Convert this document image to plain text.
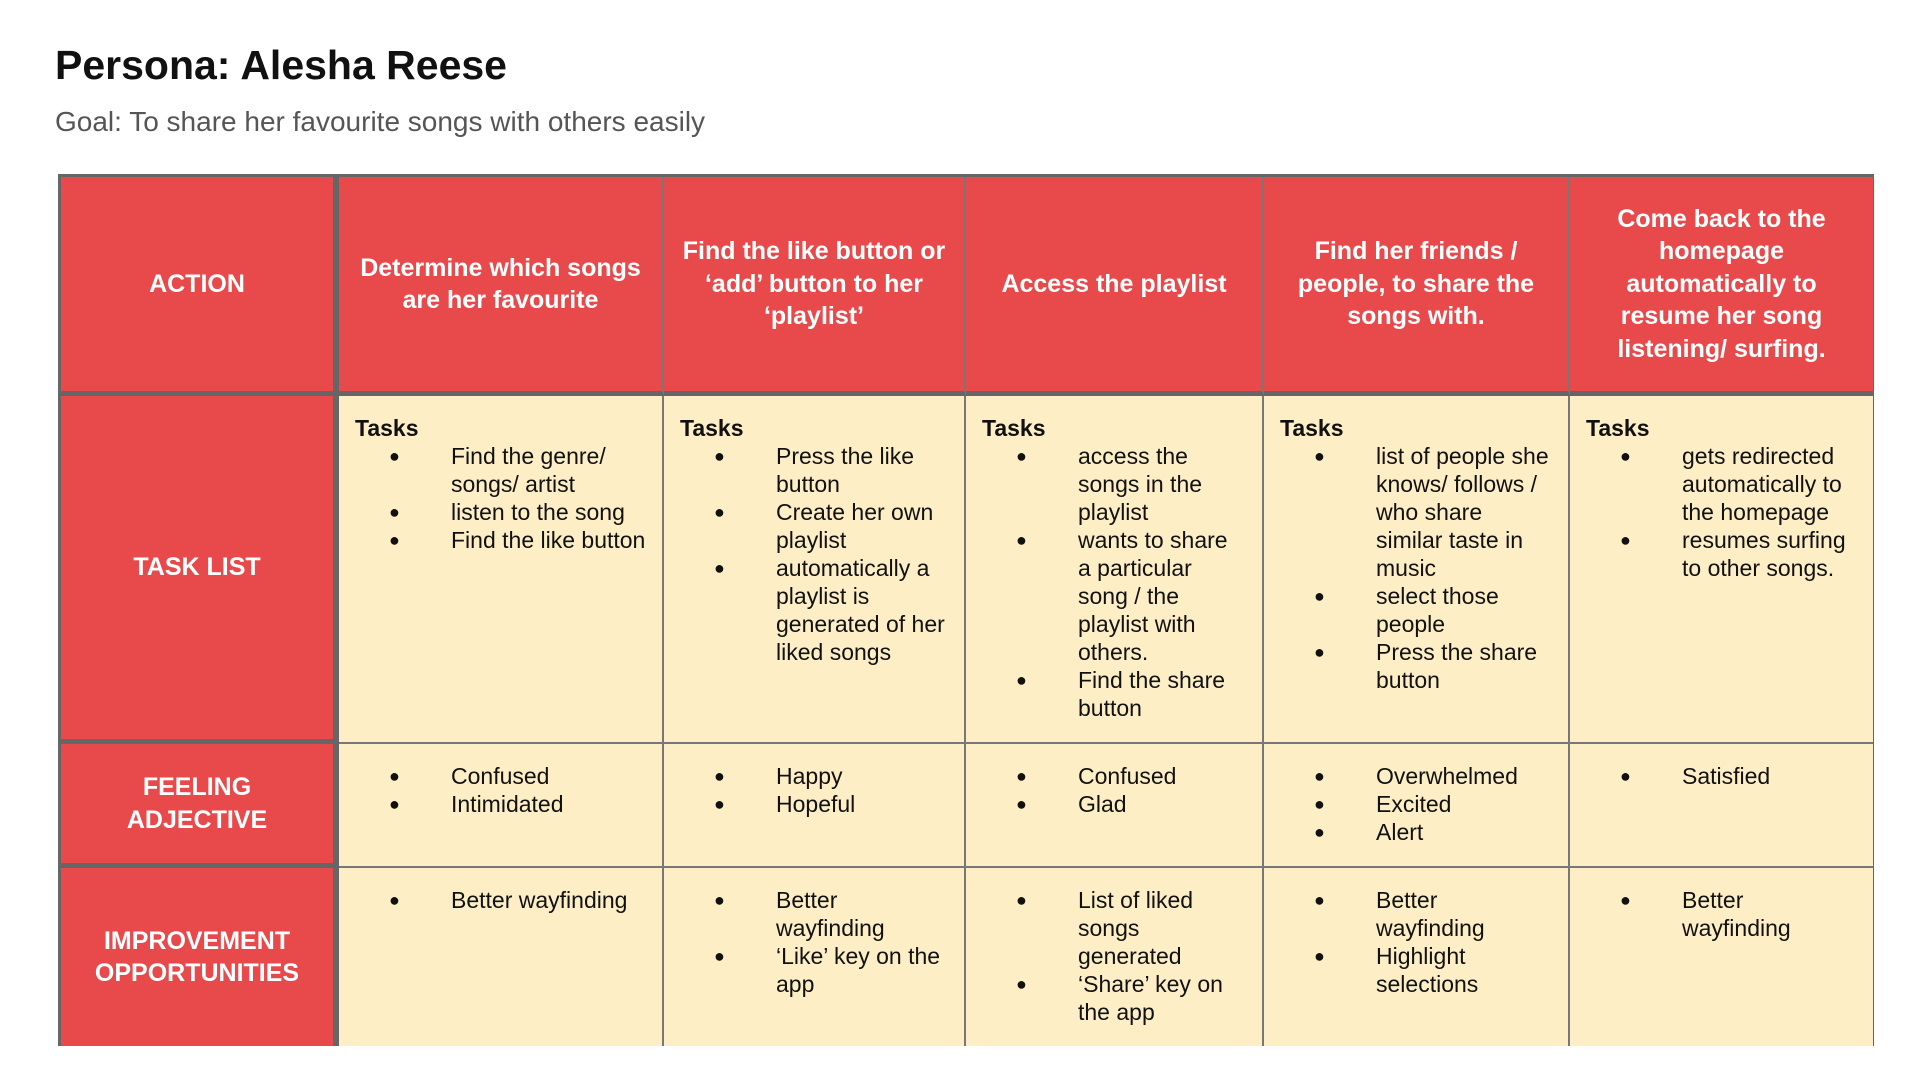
Persona: Alesha Reese

Goal: To share her favourite songs with others easily

ACTION
Determine which songs are her favourite
Find the like button or ‘add’ button to her ‘playlist’
Access the playlist
Find her friends / people, to share the songs with.
Come back to the homepage automatically to resume her song listening/ surfing.
TASK LIST
Tasks
● Find the genre/ songs/ artist
● listen to the song
● Find the like button
Tasks
● Press the like button
● Create her own playlist
● automatically a playlist is generated of her liked songs
Tasks
● access the songs in the playlist
● wants to share a particular song / the playlist with others.
● Find the share button
Tasks
● list of people she knows/ follows / who share similar taste in music
● select those people
● Press the share button
Tasks
● gets redirected automatically to the homepage
● resumes surfing to other songs.
FEELING ADJECTIVE
● Confused
● Intimidated
● Happy
● Hopeful
● Confused
● Glad
● Overwhelmed
● Excited
● Alert
● Satisfied
IMPROVEMENT OPPORTUNITIES
● Better wayfinding
●	Better wayfinding
● ‘Like’ key on the app
● List of liked songs generated
● ‘Share’ key on the app
● Better wayfinding
● Highlight selections
● Better wayfinding
